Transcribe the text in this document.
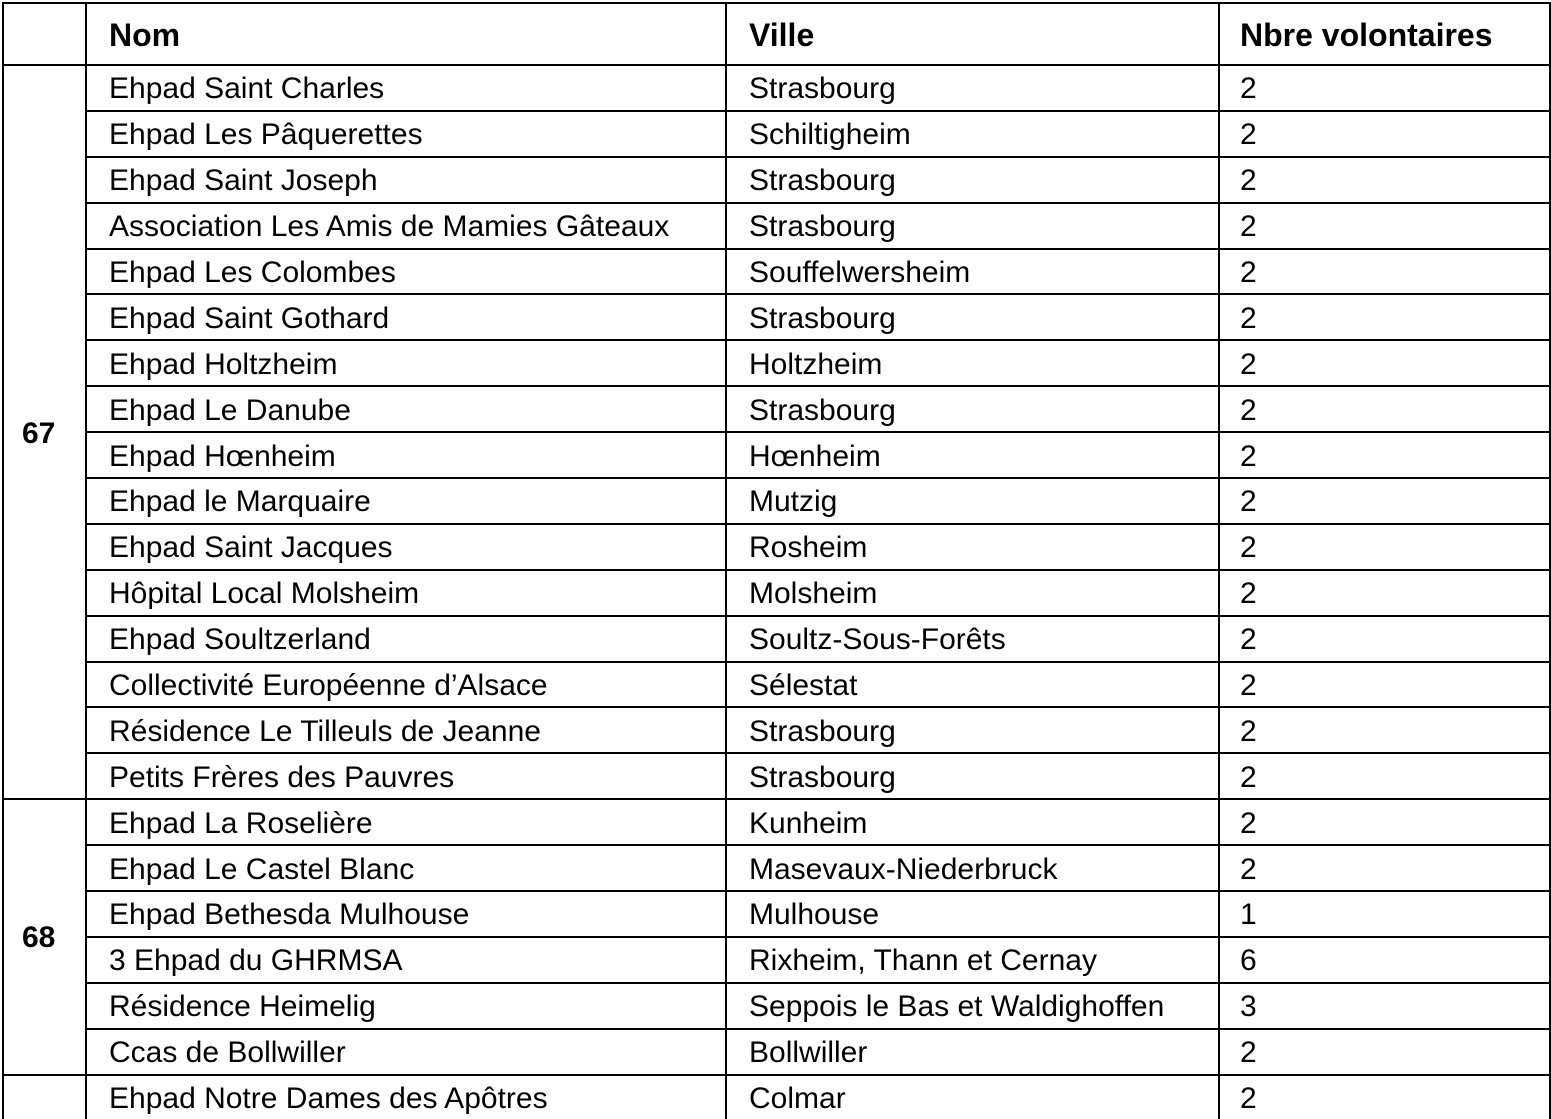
	Nom	Ville	Nbre volontaires
67	Ehpad Saint Charles	Strasbourg	2
	Ehpad Les Pâquerettes	Schiltigheim	2
	Ehpad Saint Joseph	Strasbourg	2
	Association Les Amis de Mamies Gâteaux	Strasbourg	2
	Ehpad Les Colombes	Souffelwersheim	2
	Ehpad Saint Gothard	Strasbourg	2
	Ehpad Holtzheim	Holtzheim	2
	Ehpad Le Danube	Strasbourg	2
	Ehpad Hœnheim	Hœnheim	2
	Ehpad le Marquaire	Mutzig	2
	Ehpad Saint Jacques	Rosheim	2
	Hôpital Local Molsheim	Molsheim	2
	Ehpad Soultzerland	Soultz-Sous-Forêts	2
	Collectivité Européenne d’Alsace	Sélestat	2
	Résidence Le Tilleuls de Jeanne	Strasbourg	2
	Petits Frères des Pauvres	Strasbourg	2
68	Ehpad La Roselière	Kunheim	2
	Ehpad Le Castel Blanc	Masevaux-Niederbruck	2
	Ehpad Bethesda Mulhouse	Mulhouse	1
	3 Ehpad du GHRMSA	Rixheim, Thann et Cernay	6
	Résidence Heimelig	Seppois le Bas et Waldighoffen	3
	Ccas de Bollwiller	Bollwiller	2
	Ehpad Notre Dames des Apôtres	Colmar	2
